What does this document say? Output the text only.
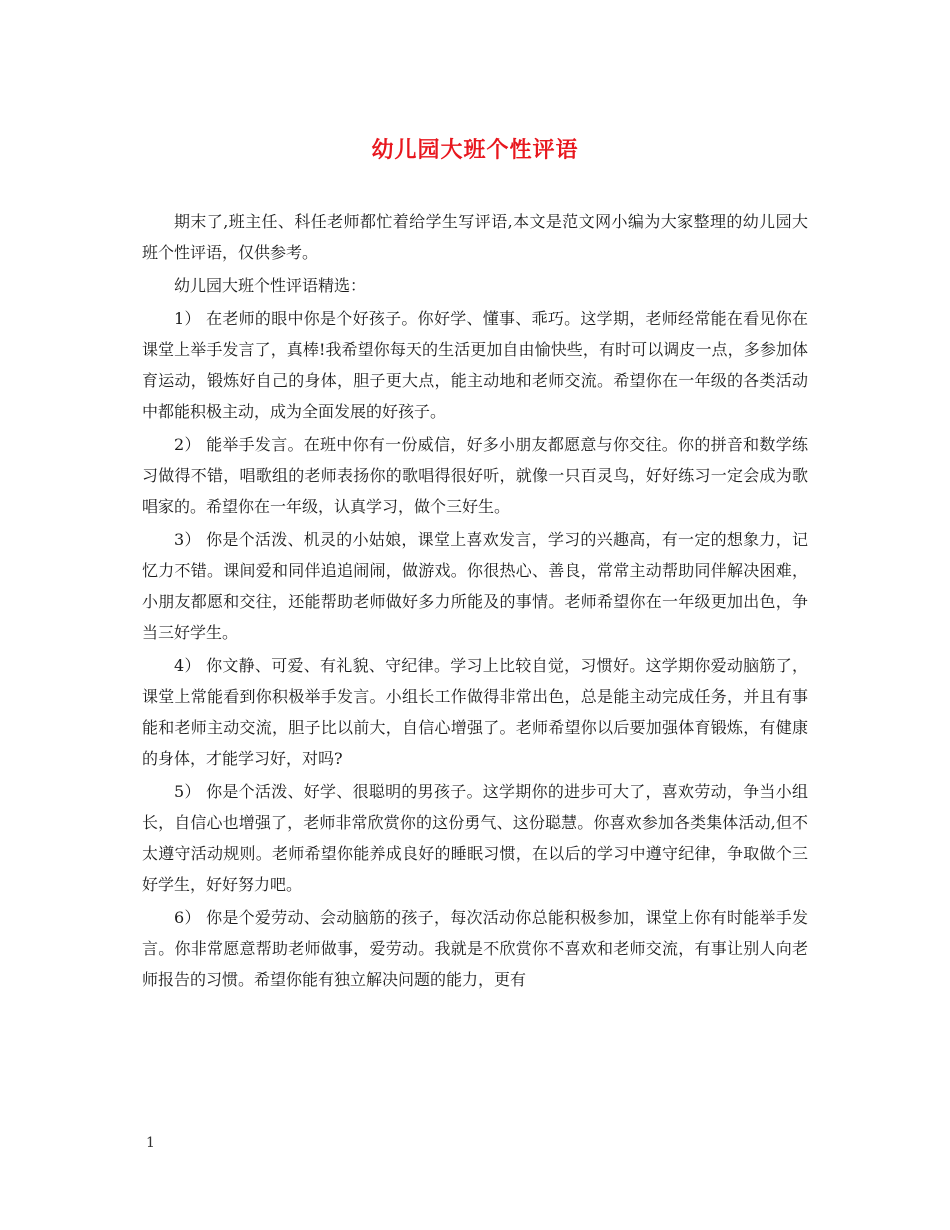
幼儿园大班个性评语

期末了,班主任、科任老师都忙着给学生写评语,本文是范文网小编为大家整理的幼儿园大班个性评语，仅供参考。

幼儿园大班个性评语精选：

1） 在老师的眼中你是个好孩子。你好学、懂事、乖巧。这学期，老师经常能在看见你在课堂上举手发言了，真棒!我希望你每天的生活更加自由愉快些，有时可以调皮一点，多参加体育运动，锻炼好自己的身体，胆子更大点，能主动地和老师交流。希望你在一年级的各类活动中都能积极主动，成为全面发展的好孩子。

2） 能举手发言。在班中你有一份威信，好多小朋友都愿意与你交往。你的拼音和数学练习做得不错，唱歌组的老师表扬你的歌唱得很好听，就像一只百灵鸟，好好练习一定会成为歌唱家的。希望你在一年级，认真学习，做个三好生。

3） 你是个活泼、机灵的小姑娘，课堂上喜欢发言，学习的兴趣高，有一定的想象力，记忆力不错。课间爱和同伴追追闹闹，做游戏。你很热心、善良，常常主动帮助同伴解决困难，小朋友都愿和交往，还能帮助老师做好多力所能及的事情。老师希望你在一年级更加出色，争当三好学生。

4） 你文静、可爱、有礼貌、守纪律。学习上比较自觉，习惯好。这学期你爱动脑筋了，课堂上常能看到你积极举手发言。小组长工作做得非常出色，总是能主动完成任务，并且有事能和老师主动交流，胆子比以前大，自信心增强了。老师希望你以后要加强体育锻炼，有健康的身体，才能学习好，对吗?

5） 你是个活泼、好学、很聪明的男孩子。这学期你的进步可大了，喜欢劳动，争当小组长，自信心也增强了，老师非常欣赏你的这份勇气、这份聪慧。你喜欢参加各类集体活动,但不太遵守活动规则。老师希望你能养成良好的睡眠习惯，在以后的学习中遵守纪律，争取做个三好学生，好好努力吧。

6） 你是个爱劳动、会动脑筋的孩子，每次活动你总能积极参加，课堂上你有时能举手发言。你非常愿意帮助老师做事，爱劳动。我就是不欣赏你不喜欢和老师交流，有事让别人向老师报告的习惯。希望你能有独立解决问题的能力，更有

1
